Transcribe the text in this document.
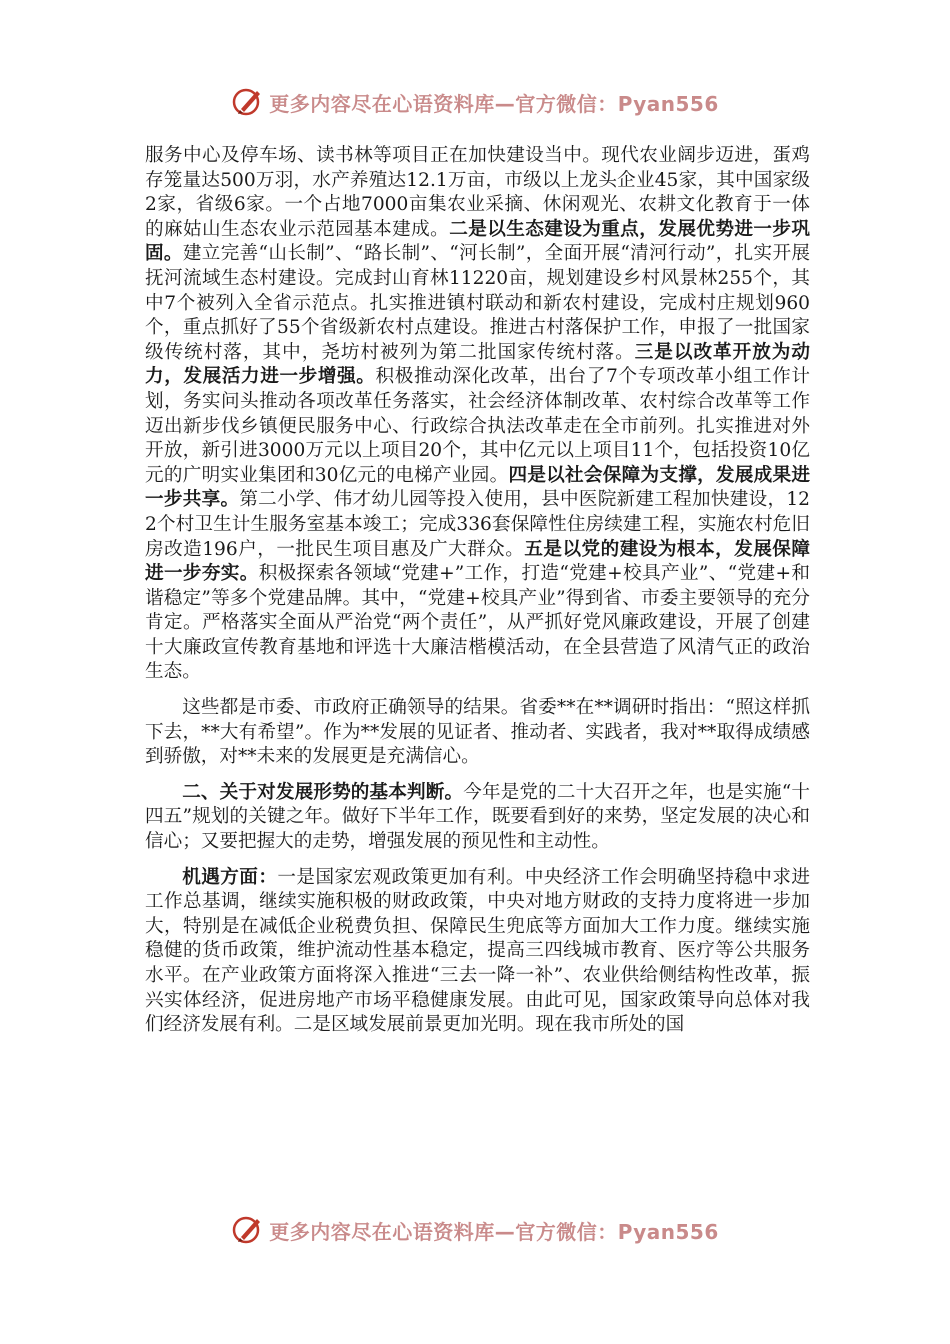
更多内容尽在心语资料库—官方微信：Pyan556

服务中心及停车场、读书林等项目正在加快建设当中。现代农业阔步迈进，蛋鸡存笼量达500万羽，水产养殖达12.1万亩，市级以上龙头企业45家，其中国家级2家，省级6家。一个占地7000亩集农业采摘、休闲观光、农耕文化教育于一体的麻姑山生态农业示范园基本建成。二是以生态建设为重点，发展优势进一步巩固。建立完善“山长制”、“路长制”、“河长制”，全面开展“清河行动”，扎实开展抚河流域生态村建设。完成封山育林11220亩，规划建设乡村风景林255个，其中7个被列入全省示范点。扎实推进镇村联动和新农村建设，完成村庄规划960个，重点抓好了55个省级新农村点建设。推进古村落保护工作，申报了一批国家级传统村落，其中，尧坊村被列为第二批国家传统村落。三是以改革开放为动力，发展活力进一步增强。积极推动深化改革，出台了7个专项改革小组工作计划，务实问头推动各项改革任务落实，社会经济体制改革、农村综合改革等工作迈出新步伐乡镇便民服务中心、行政综合执法改革走在全市前列。扎实推进对外开放，新引进3000万元以上项目20个，其中亿元以上项目11个，包括投资10亿元的广明实业集团和30亿元的电梯产业园。四是以社会保障为支撑，发展成果进一步共享。第二小学、伟才幼儿园等投入使用，县中医院新建工程加快建设，122个村卫生计生服务室基本竣工；完成336套保障性住房续建工程，实施农村危旧房改造196户，一批民生项目惠及广大群众。五是以党的建设为根本，发展保障进一步夯实。积极探索各领域“党建+”工作，打造“党建+校具产业”、“党建+和谐稳定”等多个党建品牌。其中，“党建+校具产业”得到省、市委主要领导的充分肯定。严格落实全面从严治党“两个责任”，从严抓好党风廉政建设，开展了创建十大廉政宣传教育基地和评选十大廉洁楷模活动，在全县营造了风清气正的政治生态。

这些都是市委、市政府正确领导的结果。省委**在**调研时指出：“照这样抓下去，**大有希望”。作为**发展的见证者、推动者、实践者，我对**取得成绩感到骄傲，对**未来的发展更是充满信心。

二、关于对发展形势的基本判断。今年是党的二十大召开之年，也是实施“十四五”规划的关键之年。做好下半年工作，既要看到好的来势，坚定发展的决心和信心；又要把握大的走势，增强发展的预见性和主动性。

机遇方面：一是国家宏观政策更加有利。中央经济工作会明确坚持稳中求进工作总基调，继续实施积极的财政政策，中央对地方财政的支持力度将进一步加大，特别是在减低企业税费负担、保障民生兜底等方面加大工作力度。继续实施稳健的货币政策，维护流动性基本稳定，提高三四线城市教育、医疗等公共服务水平。在产业政策方面将深入推进“三去一降一补”、农业供给侧结构性改革，振兴实体经济，促进房地产市场平稳健康发展。由此可见，国家政策导向总体对我们经济发展有利。二是区域发展前景更加光明。现在我市所处的国

更多内容尽在心语资料库—官方微信：Pyan556
